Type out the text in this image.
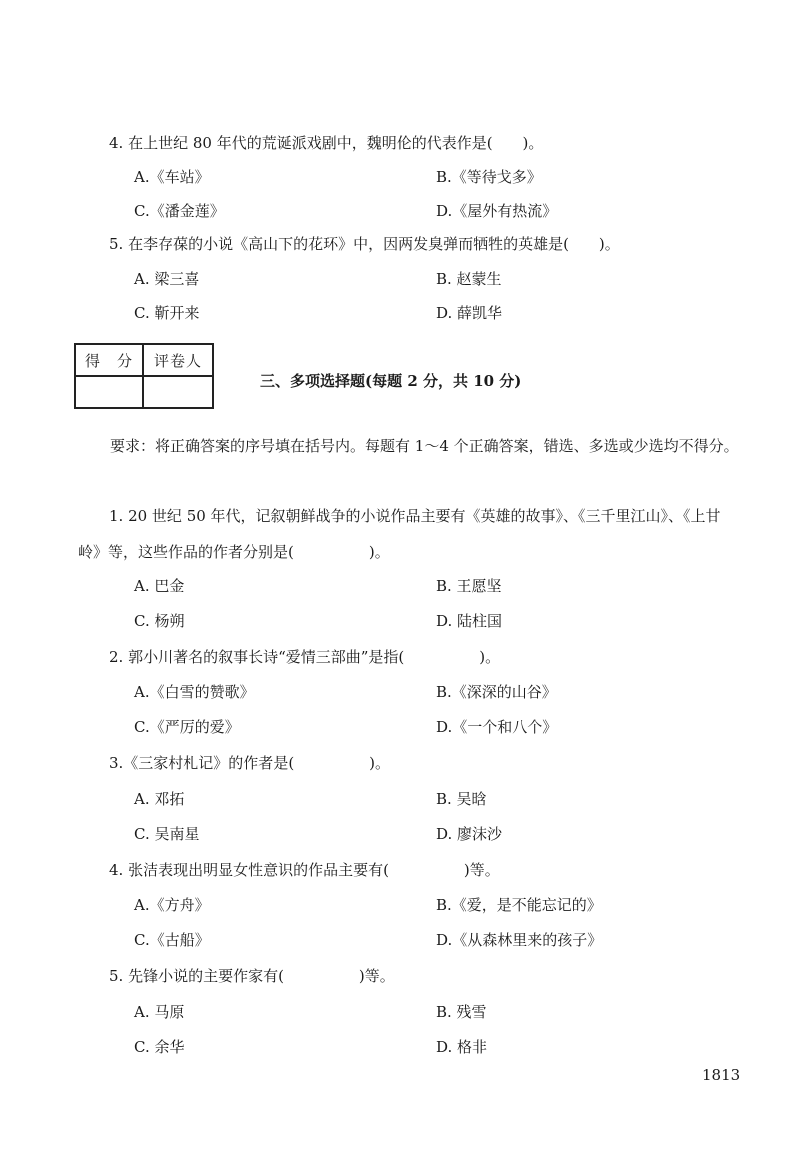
4. 在上世纪 80 年代的荒诞派戏剧中，魏明伦的代表作是(　　)。
A.《车站》	B.《等待戈多》
C.《潘金莲》	D.《屋外有热流》
5. 在李存葆的小说《高山下的花环》中，因两发臭弹而牺牲的英雄是(　　)。
A. 梁三喜	B. 赵蒙生
C. 靳开来	D. 薛凯华
得　分	评卷人

三、多项选择题(每题 2 分，共 10 分)
要求：将正确答案的序号填在括号内。每题有 1～4 个正确答案，错选、多选或少选均不得分。
1. 20 世纪 50 年代，记叙朝鲜战争的小说作品主要有《英雄的故事》、《三千里江山》、《上甘
岭》等，这些作品的作者分别是(　　　　　)。
A. 巴金	B. 王愿坚
C. 杨朔	D. 陆柱国
2. 郭小川著名的叙事长诗“爱情三部曲”是指(　　　　　)。
A.《白雪的赞歌》	B.《深深的山谷》
C.《严厉的爱》	D.《一个和八个》
3.《三家村札记》的作者是(　　　　　)。
A. 邓拓	B. 吴晗
C. 吴南星	D. 廖沫沙
4. 张洁表现出明显女性意识的作品主要有(　　　　　)等。
A.《方舟》	B.《爱，是不能忘记的》
C.《古船》	D.《从森林里来的孩子》
5. 先锋小说的主要作家有(　　　　　)等。
A. 马原	B. 残雪
C. 余华	D. 格非
1813
